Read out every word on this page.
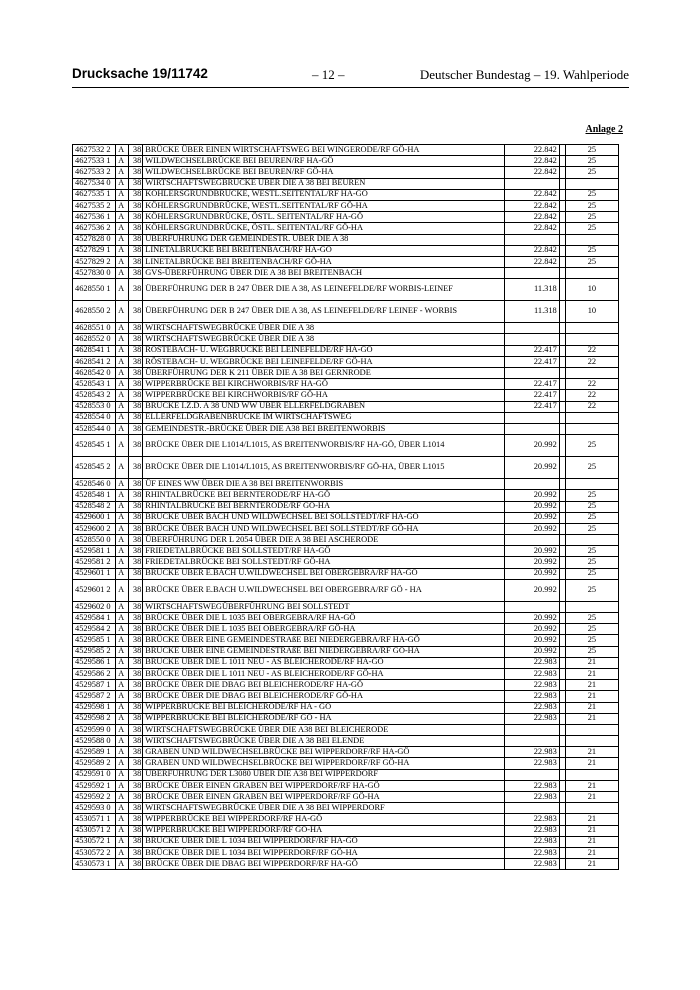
Drucksache 19/11742	– 12 –	Deutscher Bundestag – 19. Wahlperiode
Anlage 2
4627532 2	A	38	BRÜCKE ÜBER EINEN WIRTSCHAFTSWEG BEI WINGERODE/RF GÖ-HA	22.842		25
4627533 1	A	38	WILDWECHSELBRÜCKE BEI BEUREN/RF HA-GÖ	22.842		25
4627533 2	A	38	WILDWECHSELBRÜCKE BEI BEUREN/RF GÖ-HA	22.842		25
4627534 0	A	38	WIRTSCHAFTSWEGBRÜCKE ÜBER DIE A 38 BEI BEUREN			
4627535 1	A	38	KÖHLERSGRUNDBRÜCKE, WESTL.SEITENTAL/RF HA-GÖ	22.842		25
4627535 2	A	38	KÖHLERSGRUNDBRÜCKE, WESTL.SEITENTAL/RF GÖ-HA	22.842		25
4627536 1	A	38	KÖHLERSGRUNDBRÜCKE, ÖSTL. SEITENTAL/RF HA-GÖ	22.842		25
4627536 2	A	38	KÖHLERSGRUNDBRÜCKE, ÖSTL. SEITENTAL/RF GÖ-HA	22.842		25
4527828 0	A	38	ÜBERFÜHRUNG DER GEMEINDESTR. ÜBER DIE A 38			
4527829 1	A	38	LINETALBRÜCKE BEI BREITENBACH/RF HA-GÖ	22.842		25
4527829 2	A	38	LINETALBRÜCKE BEI BREITENBACH/RF GÖ-HA	22.842		25
4527830 0	A	38	GVS-ÜBERFÜHRUNG ÜBER DIE A 38 BEI BREITENBACH			
4628550 1	A	38	ÜBERFÜHRUNG DER B 247 ÜBER DIE A 38, AS LEINEFELDE/RF WORBIS-LEINEF	11.318		10
4628550 2	A	38	ÜBERFÜHRUNG DER B 247 ÜBER DIE A 38, AS LEINEFELDE/RF LEINEF - WORBIS	11.318		10
4628551 0	A	38	WIRTSCHAFTSWEGBRÜCKE ÜBER DIE A 38			
4628552 0	A	38	WIRTSCHAFTSWEGBRÜCKE ÜBER DIE A 38			
4628541 1	A	38	RÖSTEBACH- U. WEGBRÜCKE BEI LEINEFELDE/RF HA-GÖ	22.417		22
4628541 2	A	38	RÖSTEBACH- U. WEGBRÜCKE BEI LEINEFELDE/RF GÖ-HA	22.417		22
4628542 0	A	38	ÜBERFÜHRUNG DER K 211 ÜBER DIE A 38 BEI GERNRODE			
4528543 1	A	38	WIPPERBRÜCKE BEI KIRCHWORBIS/RF HA-GÖ	22.417		22
4528543 2	A	38	WIPPERBRÜCKE BEI KIRCHWORBIS/RF GÖ-HA	22.417		22
4528553 0	A	38	BRÜCKE I.Z.D. A 38 UND WW ÜBER ELLERFELDGRABEN	22.417		22
4528554 0	A	38	ELLERFELDGRABENBRÜCKE IM WIRTSCHAFTSWEG			
4528544 0	A	38	GEMEINDESTR.-BRÜCKE ÜBER DIE A38 BEI BREITENWORBIS			
4528545 1	A	38	BRÜCKE ÜBER DIE L1014/L1015, AS BREITENWORBIS/RF HA-GÖ, ÜBER L1014	20.992		25
4528545 2	A	38	BRÜCKE ÜBER DIE L1014/L1015, AS BREITENWORBIS/RF GÖ-HA, ÜBER L1015	20.992		25
4528546 0	A	38	ÜF EINES WW ÜBER DIE A 38 BEI BREITENWORBIS			
4528548 1	A	38	RHINTALBRÜCKE BEI BERNTERODE/RF HA-GÖ	20.992		25
4528548 2	A	38	RHINTALBRÜCKE BEI BERNTERODE/RF GÖ-HA	20.992		25
4529600 1	A	38	BRÜCKE ÜBER BACH UND WILDWECHSEL BEI SOLLSTEDT/RF HA-GÖ	20.992		25
4529600 2	A	38	BRÜCKE ÜBER BACH UND WILDWECHSEL BEI SOLLSTEDT/RF GÖ-HA	20.992		25
4528550 0	A	38	ÜBERFÜHRUNG DER L 2054 ÜBER DIE A 38 BEI ASCHERODE			
4529581 1	A	38	FRIEDETALBRÜCKE BEI SOLLSTEDT/RF HA-GÖ	20.992		25
4529581 2	A	38	FRIEDETALBRÜCKE BEI SOLLSTEDT/RF GÖ-HA	20.992		25
4529601 1	A	38	BRÜCKE ÜBER E.BACH U.WILDWECHSEL BEI OBERGEBRA/RF HA-GÖ	20.992		25
4529601 2	A	38	BRÜCKE ÜBER E.BACH U.WILDWECHSEL BEI OBERGEBRA/RF GÖ - HA	20.992		25
4529602 0	A	38	WIRTSCHAFTSWEGÜBERFÜHRUNG BEI SOLLSTEDT			
4529584 1	A	38	BRÜCKE ÜBER DIE L 1035 BEI OBERGEBRA/RF HA-GÖ	20.992		25
4529584 2	A	38	BRÜCKE ÜBER DIE L 1035 BEI OBERGEBRA/RF GÖ-HA	20.992		25
4529585 1	A	38	BRÜCKE ÜBER EINE GEMEINDESTRAßE BEI NIEDERGEBRA/RF HA-GÖ	20.992		25
4529585 2	A	38	BRÜCKE ÜBER EINE GEMEINDESTRAßE BEI NIEDERGEBRA/RF GÖ-HA	20.992		25
4529586 1	A	38	BRÜCKE ÜBER DIE L 1011 NEU - AS BLEICHERODE/RF HA-GÖ	22.983		21
4529586 2	A	38	BRÜCKE ÜBER DIE L 1011 NEU - AS BLEICHERODE/RF GÖ-HA	22.983		21
4529587 1	A	38	BRÜCKE ÜBER DIE DBAG BEI BLEICHERODE/RF HA-GÖ	22.983		21
4529587 2	A	38	BRÜCKE ÜBER DIE DBAG BEI BLEICHERODE/RF GÖ-HA	22.983		21
4529598 1	A	38	WIPPERBRÜCKE BEI BLEICHERODE/RF HA - GÖ	22.983		21
4529598 2	A	38	WIPPERBRÜCKE BEI BLEICHERODE/RF GÖ - HA	22.983		21
4529599 0	A	38	WIRTSCHAFTSWEGBRÜCKE ÜBER DIE A38 BEI BLEICHERODE			
4529588 0	A	38	WIRTSCHAFTSWEGBRÜCKE ÜBER DIE A 38 BEI ELENDE			
4529589 1	A	38	GRABEN UND WILDWECHSELBRÜCKE BEI WIPPERDORF/RF HA-GÖ	22.983		21
4529589 2	A	38	GRABEN UND WILDWECHSELBRÜCKE BEI WIPPERDORF/RF GÖ-HA	22.983		21
4529591 0	A	38	ÜBERFÜHRUNG DER L3080 ÜBER DIE A38 BEI WIPPERDORF			
4529592 1	A	38	BRÜCKE ÜBER EINEN GRABEN BEI WIPPERDORF/RF HA-GÖ	22.983		21
4529592 2	A	38	BRÜCKE ÜBER EINEN GRABEN BEI WIPPERDORF/RF GÖ-HA	22.983		21
4529593 0	A	38	WIRTSCHAFTSWEGBRÜCKE ÜBER DIE A 38 BEI WIPPERDORF			
4530571 1	A	38	WIPPERBRÜCKE BEI WIPPERDORF/RF HA-GÖ	22.983		21
4530571 2	A	38	WIPPERBRÜCKE BEI WIPPERDORF/RF GÖ-HA	22.983		21
4530572 1	A	38	BRÜCKE ÜBER DIE L 1034 BEI WIPPERDORF/RF HA-GÖ	22.983		21
4530572 2	A	38	BRÜCKE ÜBER DIE L 1034 BEI WIPPERDORF/RF GÖ-HA	22.983		21
4530573 1	A	38	BRÜCKE ÜBER DIE DBAG BEI WIPPERDORF/RF HA-GÖ	22.983		21
